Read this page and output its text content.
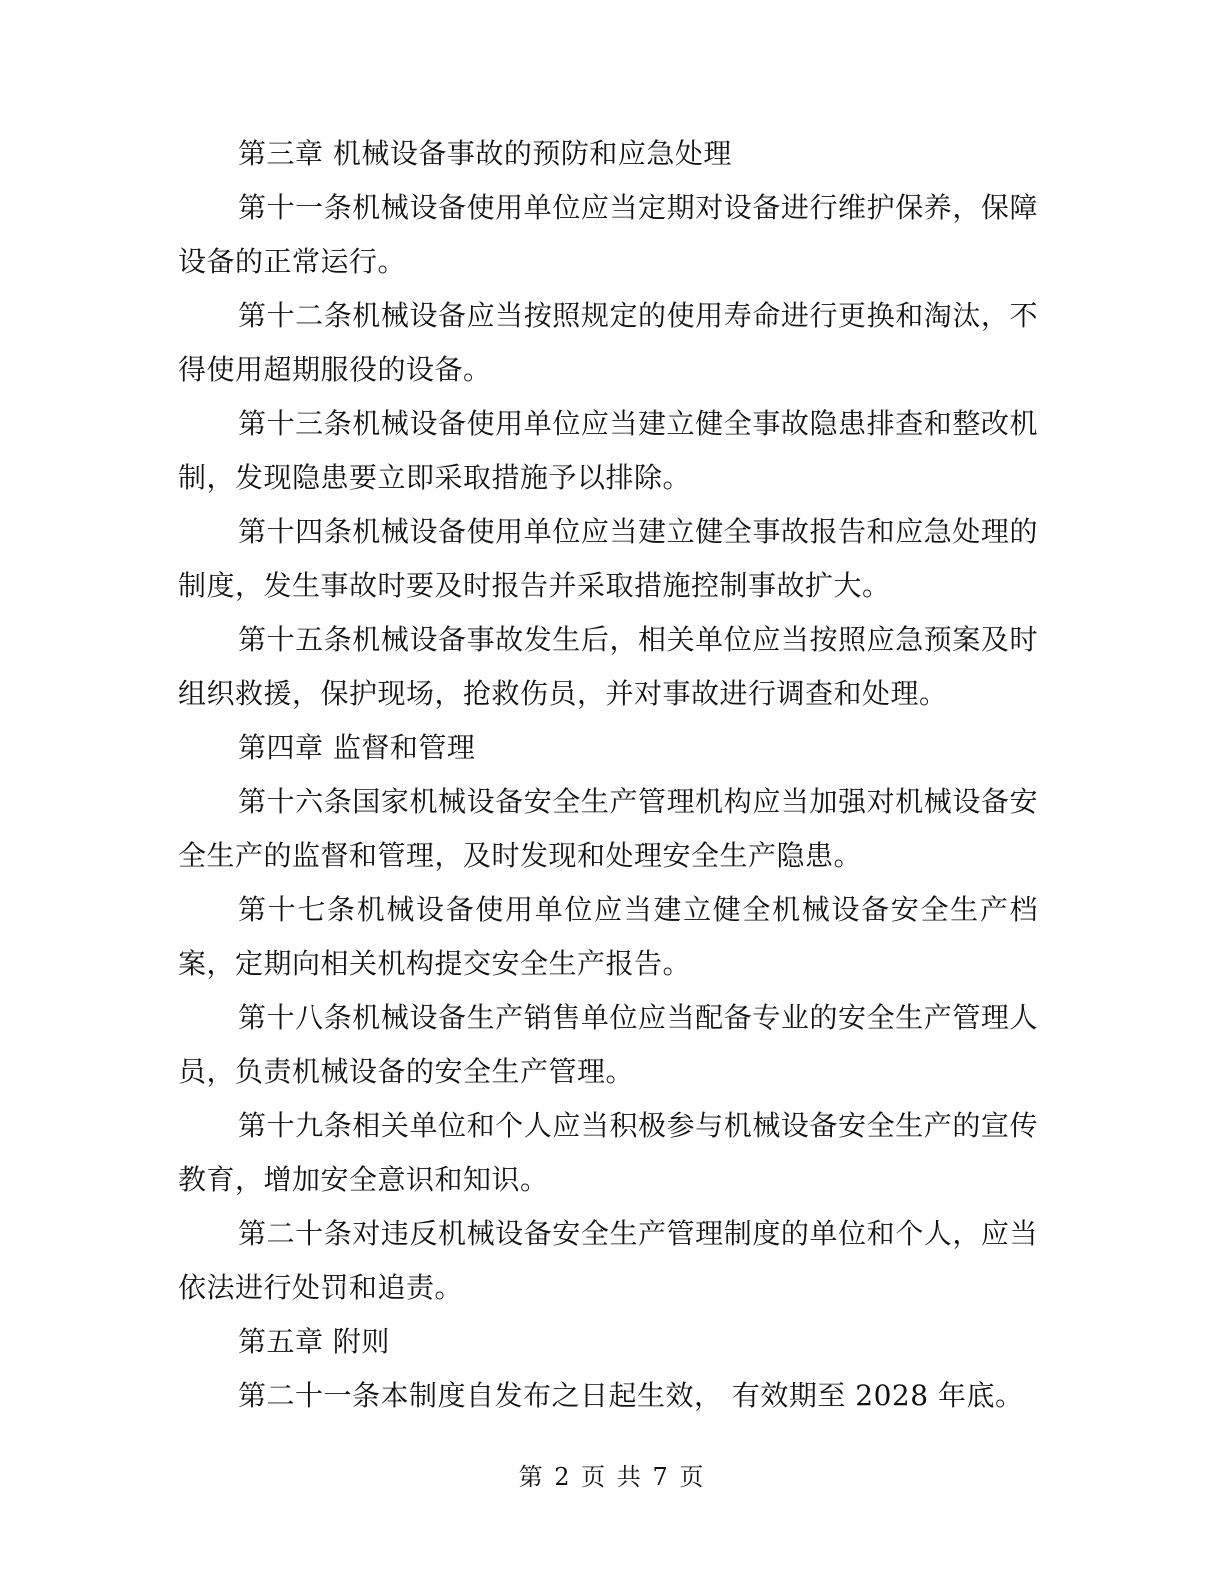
第三章 机械设备事故的预防和应急处理

第十一条机械设备使用单位应当定期对设备进行维护保养，保障设备的正常运行。

第十二条机械设备应当按照规定的使用寿命进行更换和淘汰，不得使用超期服役的设备。

第十三条机械设备使用单位应当建立健全事故隐患排查和整改机制，发现隐患要立即采取措施予以排除。

第十四条机械设备使用单位应当建立健全事故报告和应急处理的制度，发生事故时要及时报告并采取措施控制事故扩大。

第十五条机械设备事故发生后，相关单位应当按照应急预案及时组织救援，保护现场，抢救伤员，并对事故进行调查和处理。

第四章 监督和管理

第十六条国家机械设备安全生产管理机构应当加强对机械设备安全生产的监督和管理，及时发现和处理安全生产隐患。

第十七条机械设备使用单位应当建立健全机械设备安全生产档案，定期向相关机构提交安全生产报告。

第十八条机械设备生产销售单位应当配备专业的安全生产管理人员，负责机械设备的安全生产管理。

第十九条相关单位和个人应当积极参与机械设备安全生产的宣传教育，增加安全意识和知识。

第二十条对违反机械设备安全生产管理制度的单位和个人，应当依法进行处罚和追责。

第五章 附则

第二十一条本制度自发布之日起生效， 有效期至 2028 年底。

第 2 页 共 7 页
